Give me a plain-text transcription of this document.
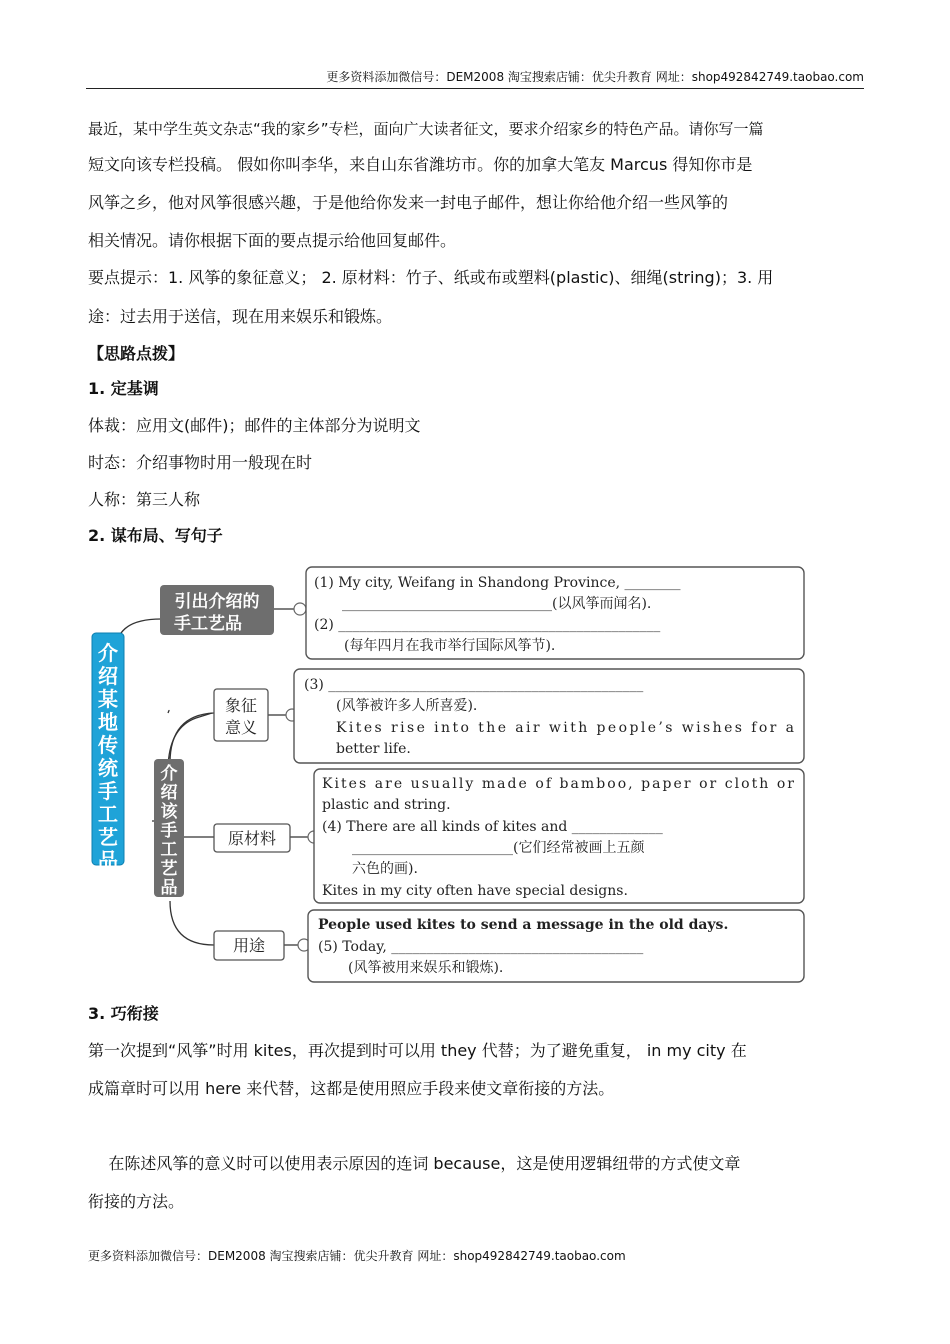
更多资料添加微信号：DEM2008 淘宝搜索店铺：优尖升教育 网址：shop492842749.taobao.com
最近，某中学生英文杂志“我的家乡”专栏，面向广大读者征文，要求介绍家乡的特色产品。请你写一篇
短文向该专栏投稿。 假如你叫李华，来自山东省潍坊市。你的加拿大笔友 Marcus 得知你市是
风筝之乡，他对风筝很感兴趣，于是他给你发来一封电子邮件，想让你给他介绍一些风筝的
相关情况。请你根据下面的要点提示给他回复邮件。
要点提示：1. 风筝的象征意义； 2. 原材料：竹子、纸或布或塑料(plastic)、细绳(string)；3. 用
途：过去用于送信，现在用来娱乐和锻炼。
【思路点拨】
1. 定基调
体裁：应用文(邮件)；邮件的主体部分为说明文
时态：介绍事物时用一般现在时
人称：第三人称
2. 谋布局、写句子
介
绍
某
地
传
统
手
工
艺
品
引出介绍的
手工艺品
介
绍
该
手
工
艺
品
象征
意义
原材料
用途
(1) My city, Weifang in Shandong Province, ________
______________________________(以风筝而闻名).
(2) ______________________________________________
(每年四月在我市举行国际风筝节).
(3) _____________________________________________
(风筝被许多人所喜爱).
Kites rise into the air with people’s wishes for a
better life.
Kites are usually made of bamboo, paper or cloth or
plastic and string.
(4) There are all kinds of kites and _____________
_______________________(它们经常被画上五颜
六色的画).
Kites in my city often have special designs.
People used kites to send a message in the old days.
(5) Today, ____________________________________
(风筝被用来娱乐和锻炼).
3. 巧衔接
第一次提到“风筝”时用 kites，再次提到时可以用 they 代替；为了避免重复， in my city 在
成篇章时可以用 here 来代替，这都是使用照应手段来使文章衔接的方法。
在陈述风筝的意义时可以使用表示原因的连词 because，这是使用逻辑纽带的方式使文章
衔接的方法。
更多资料添加微信号：DEM2008 淘宝搜索店铺：优尖升教育 网址：shop492842749.taobao.com
